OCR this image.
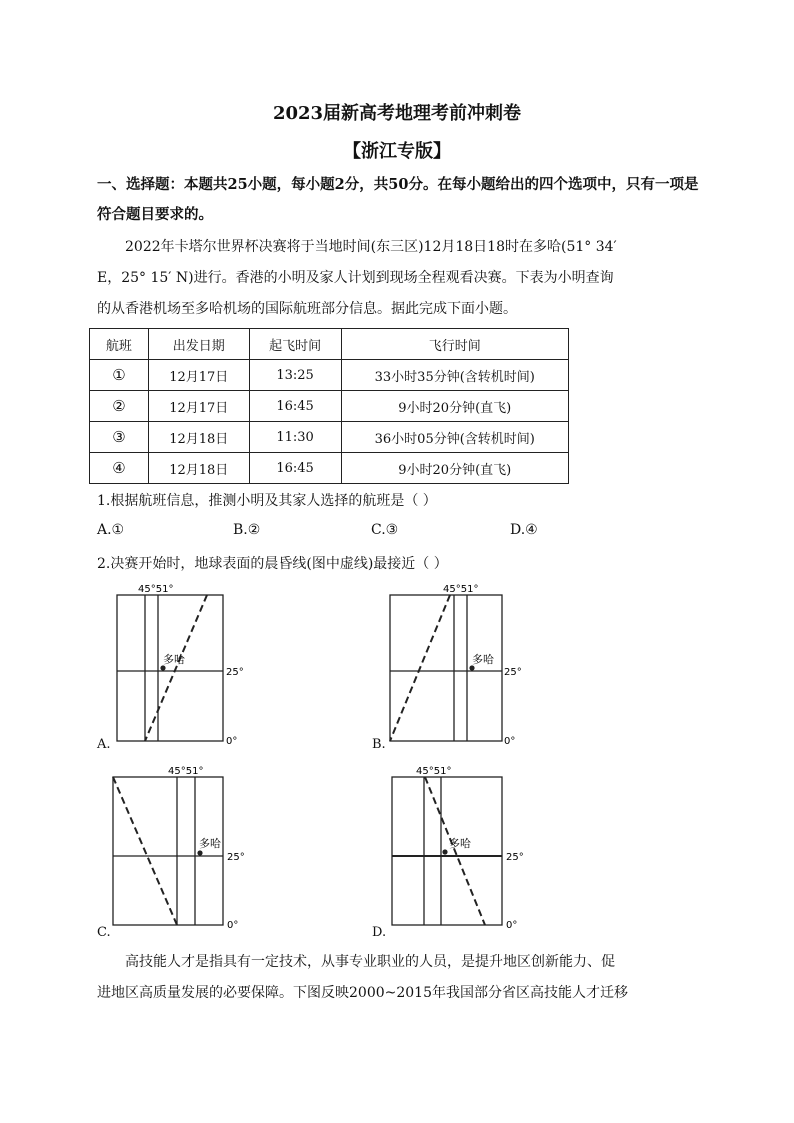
2023届新高考地理考前冲刺卷
【浙江专版】
一、选择题：本题共25小题，每小题2分，共50分。在每小题给出的四个选项中，只有一项是符合题目要求的。
2022年卡塔尔世界杯决赛将于当地时间(东三区)12月18日18时在多哈(51° 34′
E，25° 15′ N)进行。香港的小明及家人计划到现场全程观看决赛。下表为小明查询
的从香港机场至多哈机场的国际航班部分信息。据此完成下面小题。
航班	出发日期	起飞时间	飞行时间
①	12月17日	13:25	33小时35分钟(含转机时间)
②	12月17日	16:45	9小时20分钟(直飞)
③	12月18日	11:30	36小时05分钟(含转机时间)
④	12月18日	16:45	9小时20分钟(直飞)
1.根据航班信息，推测小明及其家人选择的航班是（ ）
A.①	B.②	C.③	D.④
2.决赛开始时，地球表面的晨昏线(图中虚线)最接近（ ）
多哈
45°51°
25°
0°
A.
多哈
45°51°
25°
0°
B.
多哈
45°51°
25°
0°
C.
多哈
45°51°
25°
0°
D.
高技能人才是指具有一定技术，从事专业职业的人员，是提升地区创新能力、促
进地区高质量发展的必要保障。下图反映2000~2015年我国部分省区高技能人才迁移
